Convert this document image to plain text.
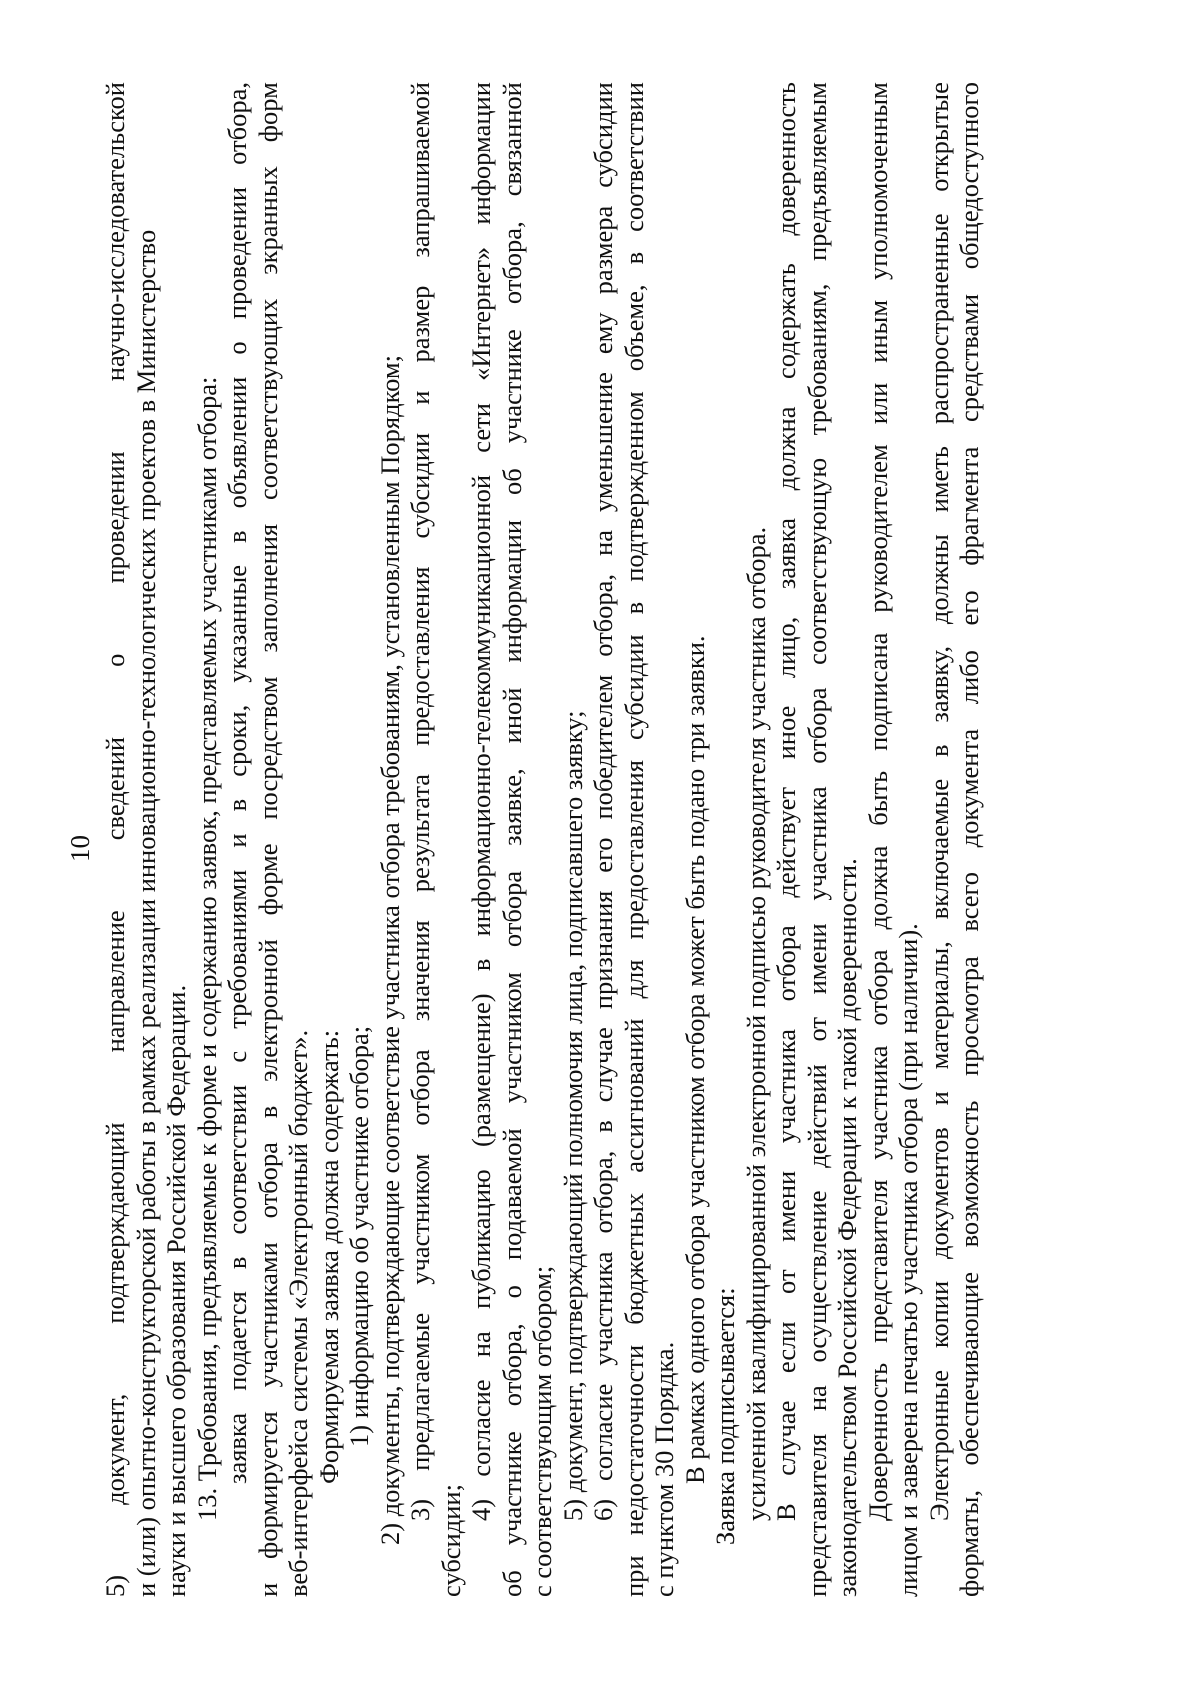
10
5)
документ,
подтверждающий
направление
сведений
о
проведении
научно-исследовательской и (или) опытно-конструкторской работы в рамках реализации инновационно-технологических проектов в Министерство науки и высшего образования Российской Федерации. 13. Требования, предъявляемые к форме и содержанию заявок, представляемых участниками отбора: заявка
подается
в
соответствии
с
требованиями
и
в
сроки,
указанные
в
объявлении
о
проведении
отбора,
и
формируется
участниками
отбора
в
электронной
форме
посредством
заполнения
соответствующих
экранных
форм
веб-интерфейса системы «Электронный бюджет». Формируемая заявка должна содержать: 1) информацию об участнике отбора; 2) документы, подтверждающие соответствие участника отбора требованиям, установленным Порядком; 3)
предлагаемые
участником
отбора
значения
результата
предоставления
субсидии
и
размер
запрашиваемой
субсидии; 4)
согласие
на
публикацию
(размещение)
в
информационно-телекоммуникационной
сети
«Интернет»
информации
об
участнике
отбора,
о
подаваемой
участником
отбора
заявке,
иной
информации
об
участнике
отбора,
связанной
с соответствующим отбором; 5) документ, подтверждающий полномочия лица, подписавшего заявку; 6)
согласие
участника
отбора,
в
случае
признания
его
победителем
отбора,
на
уменьшение
ему
размера
субсидии
при
недостаточности
бюджетных
ассигнований
для
предоставления
субсидии
в
подтвержденном
объеме,
в
соответствии
с пунктом 30 Порядка. В рамках одного отбора участником отбора может быть подано три заявки. Заявка подписывается: усиленной квалифицированной электронной подписью руководителя участника отбора. В
случае
если
от
имени
участника
отбора
действует
иное
лицо,
заявка
должна
содержать
доверенность
представителя
на
осуществление
действий
от
имени
участника
отбора
соответствующую
требованиям,
предъявляемым
законодательством Российской Федерации к такой доверенности. Доверенность
представителя
участника
отбора
должна
быть
подписана
руководителем
или
иным
уполномоченным
лицом и заверена печатью участника отбора (при наличии). Электронные
копии
документов
и
материалы,
включаемые
в
заявку,
должны
иметь
распространенные
открытые
форматы,
обеспечивающие
возможность
просмотра
всего
документа
либо
его
фрагмента
средствами
общедоступного
